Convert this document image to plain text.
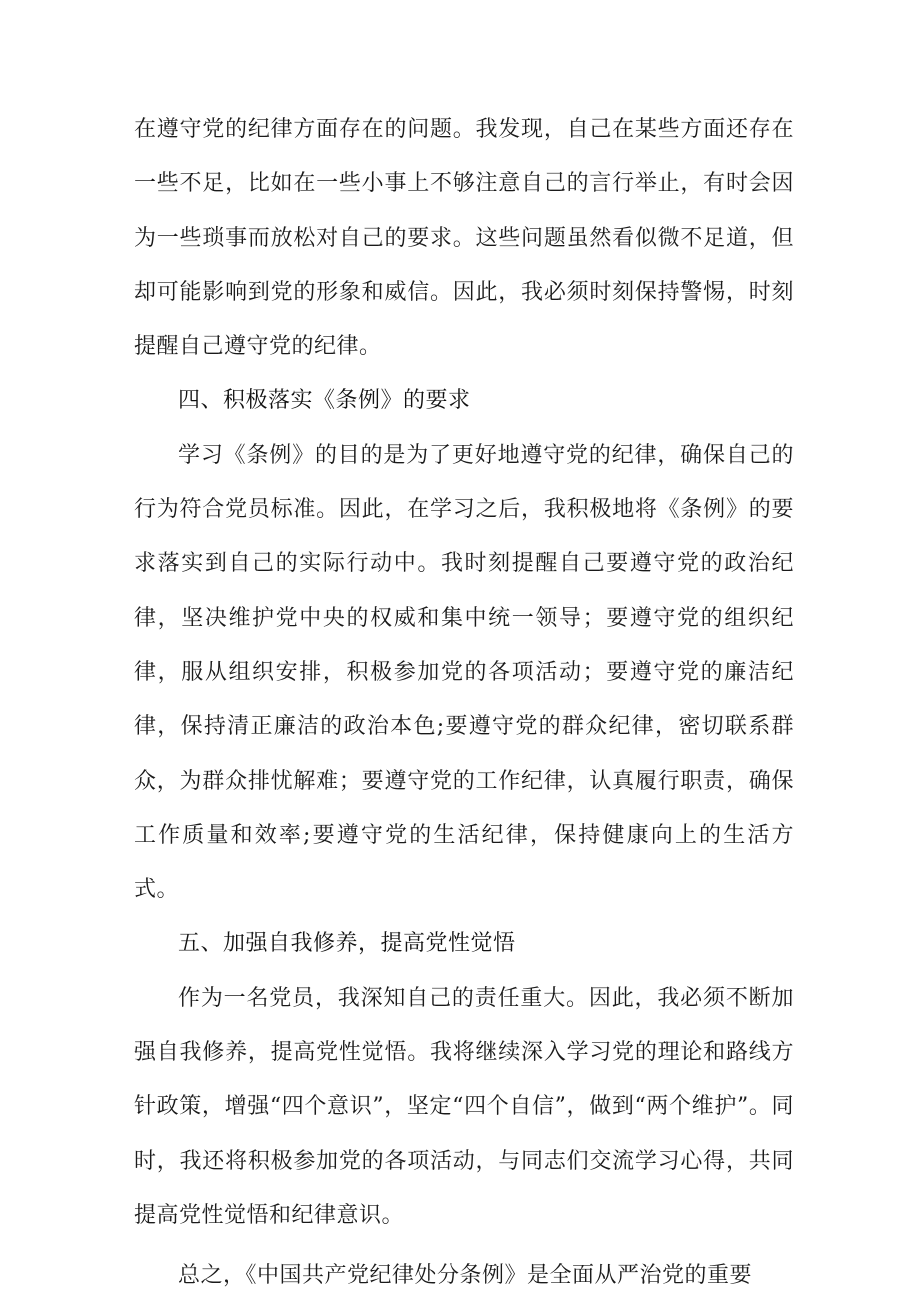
在遵守党的纪律方面存在的问题。我发现，自己在某些方面还存在一些不足，比如在一些小事上不够注意自己的言行举止，有时会因为一些琐事而放松对自己的要求。这些问题虽然看似微不足道，但却可能影响到党的形象和威信。因此，我必须时刻保持警惕，时刻提醒自己遵守党的纪律。

四、积极落实《条例》的要求

学习《条例》的目的是为了更好地遵守党的纪律，确保自己的行为符合党员标准。因此，在学习之后，我积极地将《条例》的要求落实到自己的实际行动中。我时刻提醒自己要遵守党的政治纪律，坚决维护党中央的权威和集中统一领导；要遵守党的组织纪律，服从组织安排，积极参加党的各项活动；要遵守党的廉洁纪律，保持清正廉洁的政治本色;要遵守党的群众纪律，密切联系群众，为群众排忧解难；要遵守党的工作纪律，认真履行职责，确保工作质量和效率;要遵守党的生活纪律，保持健康向上的生活方式。

五、加强自我修养，提高党性觉悟

作为一名党员，我深知自己的责任重大。因此，我必须不断加强自我修养，提高党性觉悟。我将继续深入学习党的理论和路线方针政策，增强“四个意识”，坚定“四个自信”，做到“两个维护”。同时，我还将积极参加党的各项活动，与同志们交流学习心得，共同提高党性觉悟和纪律意识。

总之，《中国共产党纪律处分条例》是全面从严治党的重要
